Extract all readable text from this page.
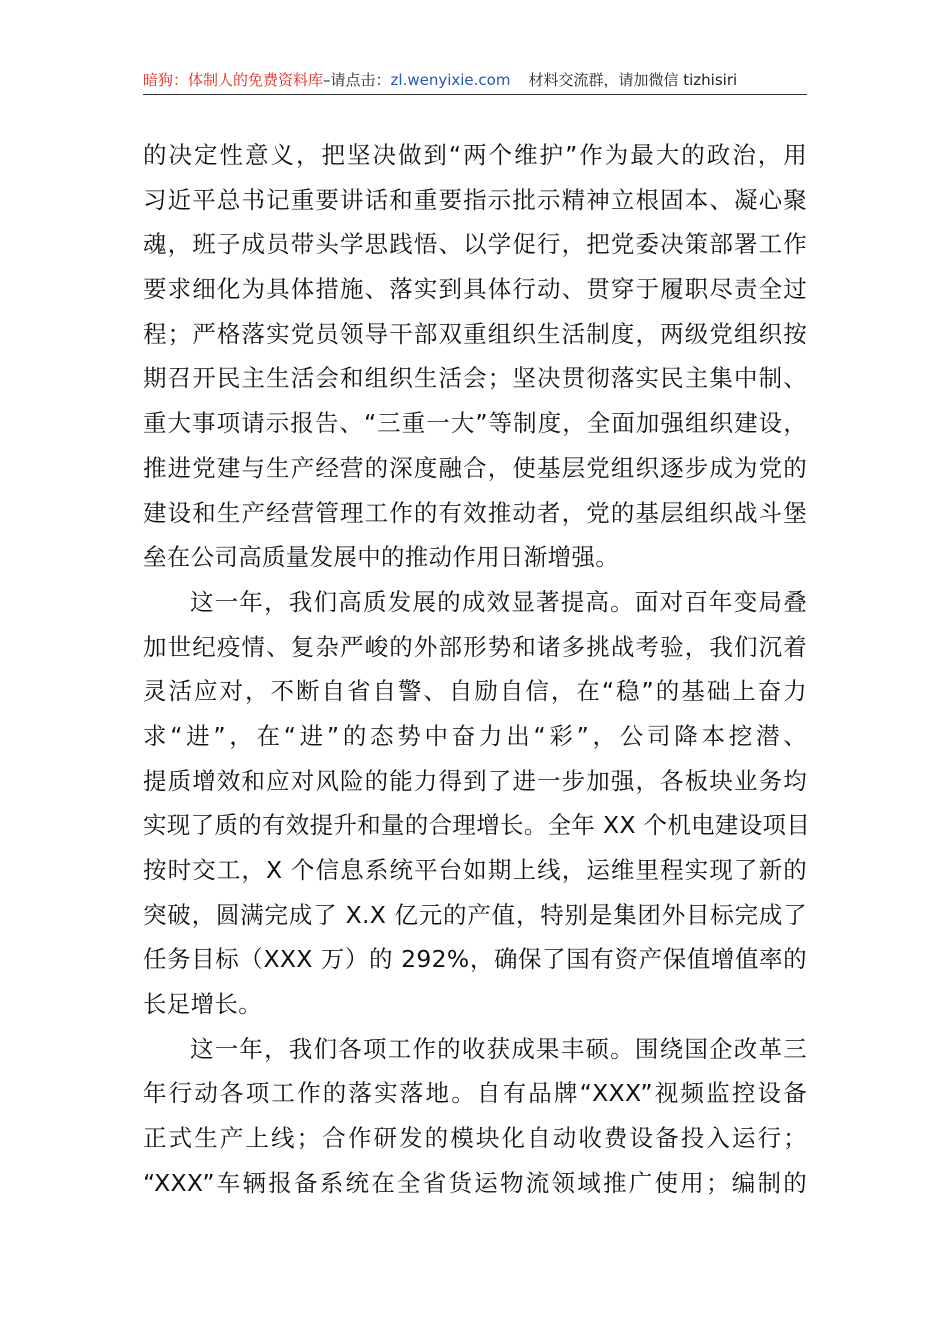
暗狗：体制人的免费资料库–请点击：zl.wenyixie.com 材料交流群，请加微信 tizhisiri
的决定性意义，把坚决做到“两个维护”作为最大的政治，用
习近平总书记重要讲话和重要指示批示精神立根固本、凝心聚
魂，班子成员带头学思践悟、以学促行，把党委决策部署工作
要求细化为具体措施、落实到具体行动、贯穿于履职尽责全过
程；严格落实党员领导干部双重组织生活制度，两级党组织按
期召开民主生活会和组织生活会；坚决贯彻落实民主集中制、
重大事项请示报告、“三重一大”等制度，全面加强组织建设，
推进党建与生产经营的深度融合，使基层党组织逐步成为党的
建设和生产经营管理工作的有效推动者，党的基层组织战斗堡
垒在公司高质量发展中的推动作用日渐增强。
这一年，我们高质发展的成效显著提高。面对百年变局叠
加世纪疫情、复杂严峻的外部形势和诸多挑战考验，我们沉着
灵活应对，不断自省自警、自励自信，在“稳”的基础上奋力
求“进”，在“进”的态势中奋力出“彩”，公司降本挖潜、
提质增效和应对风险的能力得到了进一步加强，各板块业务均
实现了质的有效提升和量的合理增长。全年 XX 个机电建设项目
按时交工，X 个信息系统平台如期上线，运维里程实现了新的
突破，圆满完成了 X.X 亿元的产值，特别是集团外目标完成了
任务目标（XXX 万）的 292%，确保了国有资产保值增值率的
长足增长。
这一年，我们各项工作的收获成果丰硕。围绕国企改革三
年行动各项工作的落实落地。自有品牌“XXX”视频监控设备
正式生产上线；合作研发的模块化自动收费设备投入运行；
“XXX”车辆报备系统在全省货运物流领域推广使用；编制的
